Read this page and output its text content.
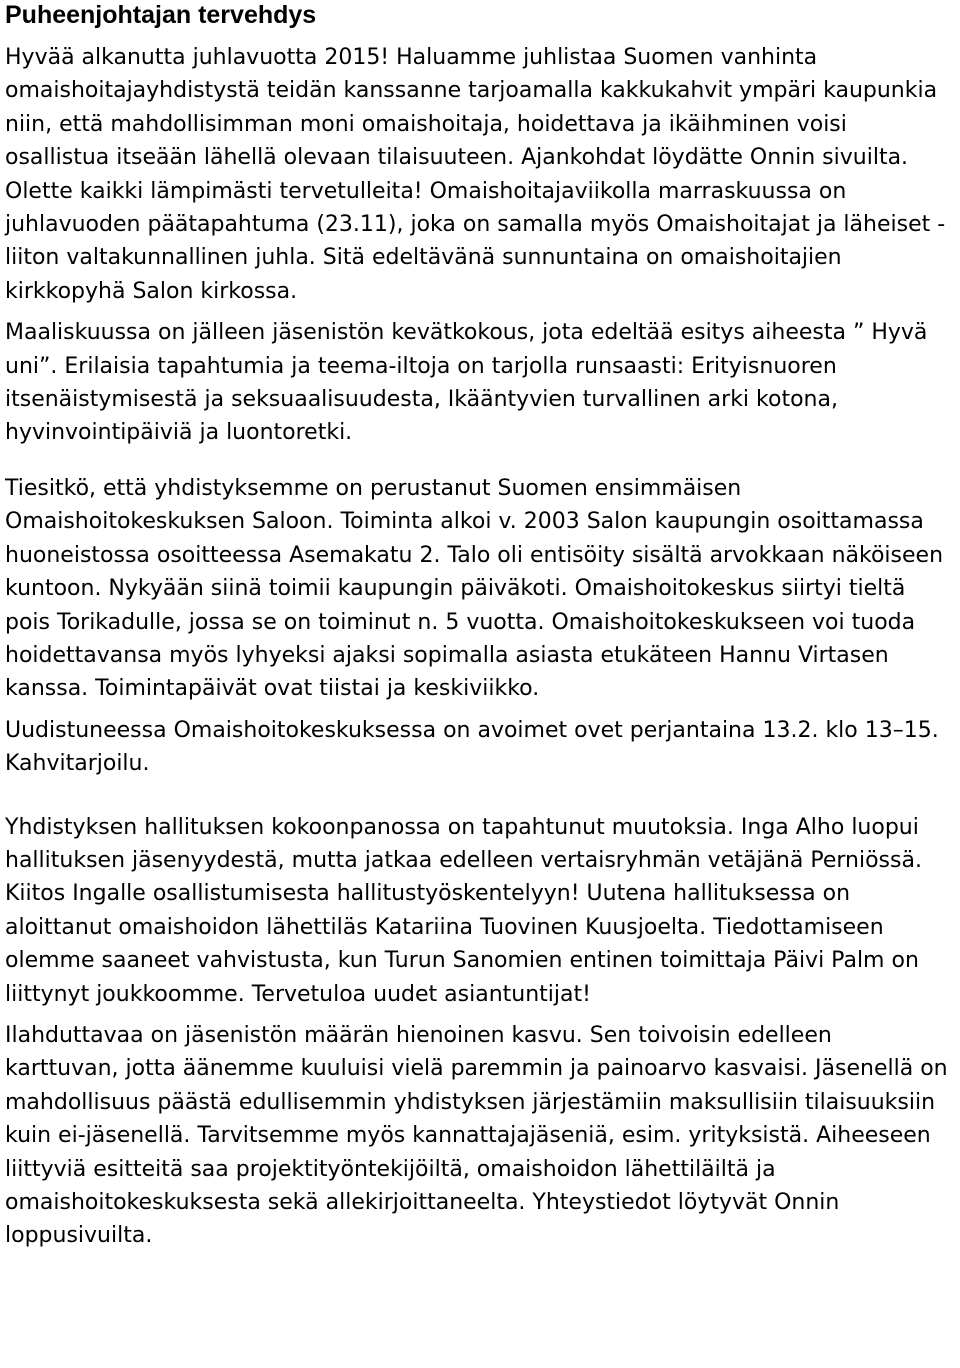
Puheenjohtajan tervehdys

Hyvää alkanutta juhlavuotta 2015! Haluamme juhlistaa Suomen vanhinta omaishoitajayhdistystä teidän kanssanne tarjoamalla kakkukahvit ympäri kaupunkia niin, että mahdollisimman moni omaishoitaja, hoidettava ja ikäihminen voisi osallistua itseään lähellä olevaan tilaisuuteen. Ajankohdat löydätte Onnin sivuilta. Olette kaikki lämpimästi tervetulleita! Omaishoitajaviikolla marraskuussa on juhlavuoden päätapahtuma (23.11), joka on samalla myös Omaishoitajat ja läheiset -liiton valtakunnallinen juhla. Sitä edeltävänä sunnuntaina on omaishoitajien kirkkopyhä Salon kirkossa.

Maaliskuussa on jälleen jäsenistön kevätkokous, jota edeltää esitys aiheesta ” Hyvä uni”. Erilaisia tapahtumia ja teema-iltoja on tarjolla runsaasti: Erityisnuoren itsenäistymisestä ja seksuaalisuudesta, Ikääntyvien turvallinen arki kotona, hyvinvointipäiviä ja luontoretki.

Tiesitkö, että yhdistyksemme on perustanut Suomen ensimmäisen Omaishoitokeskuksen Saloon. Toiminta alkoi v. 2003 Salon kaupungin osoittamassa huoneistossa osoitteessa Asemakatu 2. Talo oli entisöity sisältä arvokkaan näköiseen kuntoon. Nykyään siinä toimii kaupungin päiväkoti. Omaishoitokeskus siirtyi tieltä pois Torikadulle, jossa se on toiminut n. 5 vuotta. Omaishoitokeskukseen voi tuoda hoidettavansa myös lyhyeksi ajaksi sopimalla asiasta etukäteen Hannu Virtasen kanssa. Toimintapäivät ovat tiistai ja keskiviikko.

Uudistuneessa Omaishoitokeskuksessa on avoimet ovet perjantaina 13.2. klo 13–15. Kahvitarjoilu.

Yhdistyksen hallituksen kokoonpanossa on tapahtunut muutoksia. Inga Alho luopui hallituksen jäsenyydestä, mutta jatkaa edelleen vertaisryhmän vetäjänä Perniössä. Kiitos Ingalle osallistumisesta hallitustyöskentelyyn! Uutena hallituksessa on aloittanut omaishoidon lähettiläs Katariina Tuovinen Kuusjoelta. Tiedottamiseen olemme saaneet vahvistusta, kun Turun Sanomien entinen toimittaja Päivi Palm on liittynyt joukkoomme. Tervetuloa uudet asiantuntijat!

Ilahduttavaa on jäsenistön määrän hienoinen kasvu. Sen toivoisin edelleen karttuvan, jotta äänemme kuuluisi vielä paremmin ja painoarvo kasvaisi. Jäsenellä on mahdollisuus päästä edullisemmin yhdistyksen järjestämiin maksullisiin tilaisuuksiin kuin ei-jäsenellä. Tarvitsemme myös kannattajajäseniä, esim. yrityksistä. Aiheeseen liittyviä esitteitä saa projektityöntekijöiltä, omaishoidon lähettiläiltä ja omaishoitokeskuksesta sekä allekirjoittaneelta. Yhteystiedot löytyvät Onnin loppusivuilta.
